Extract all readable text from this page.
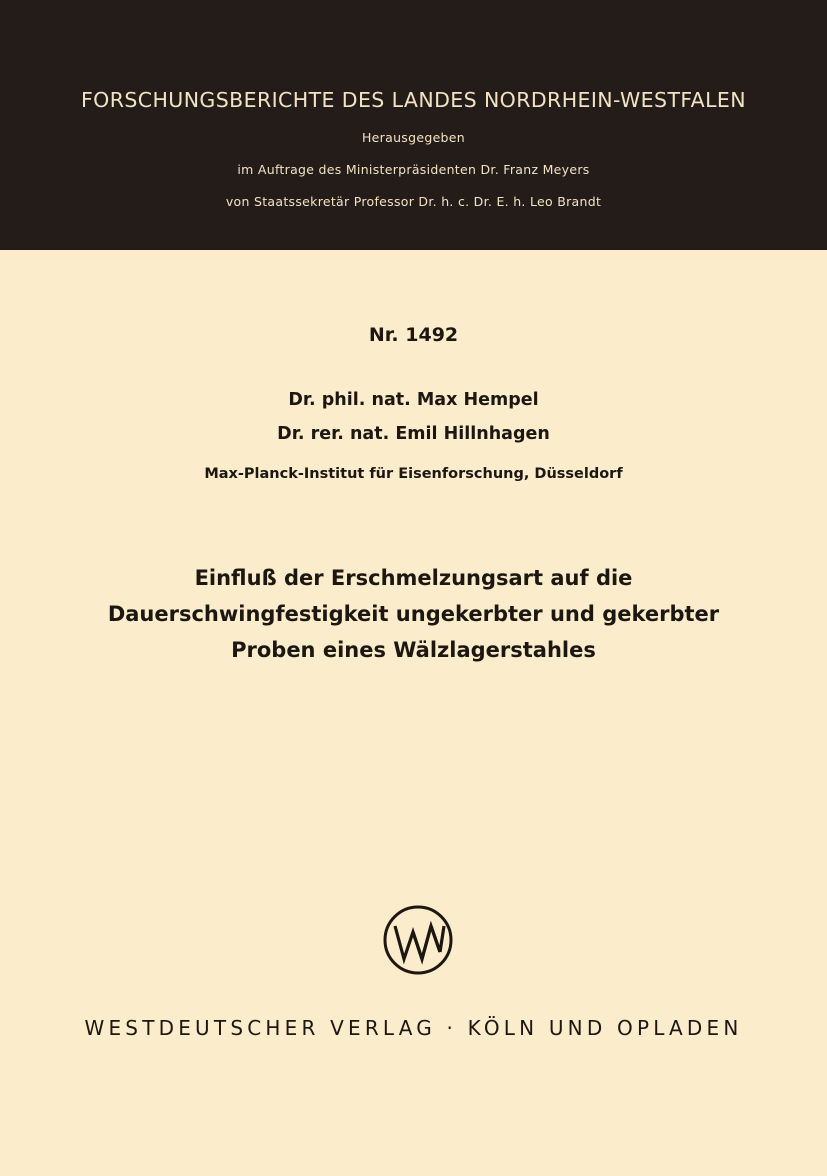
FORSCHUNGSBERICHTE DES LANDES NORDRHEIN-WESTFALEN
Herausgegeben
im Auftrage des Ministerpräsidenten Dr. Franz Meyers
von Staatssekretär Professor Dr. h. c. Dr. E. h. Leo Brandt
Nr. 1492
Dr. phil. nat. Max Hempel
Dr. rer. nat. Emil Hillnhagen
Max-Planck-Institut für Eisenforschung, Düsseldorf
Einfluß der Erschmelzungsart auf die
Dauerschwingfestigkeit ungekerbter und gekerbter
Proben eines Wälzlagerstahles
WESTDEUTSCHER VERLAG · KÖLN UND OPLADEN
